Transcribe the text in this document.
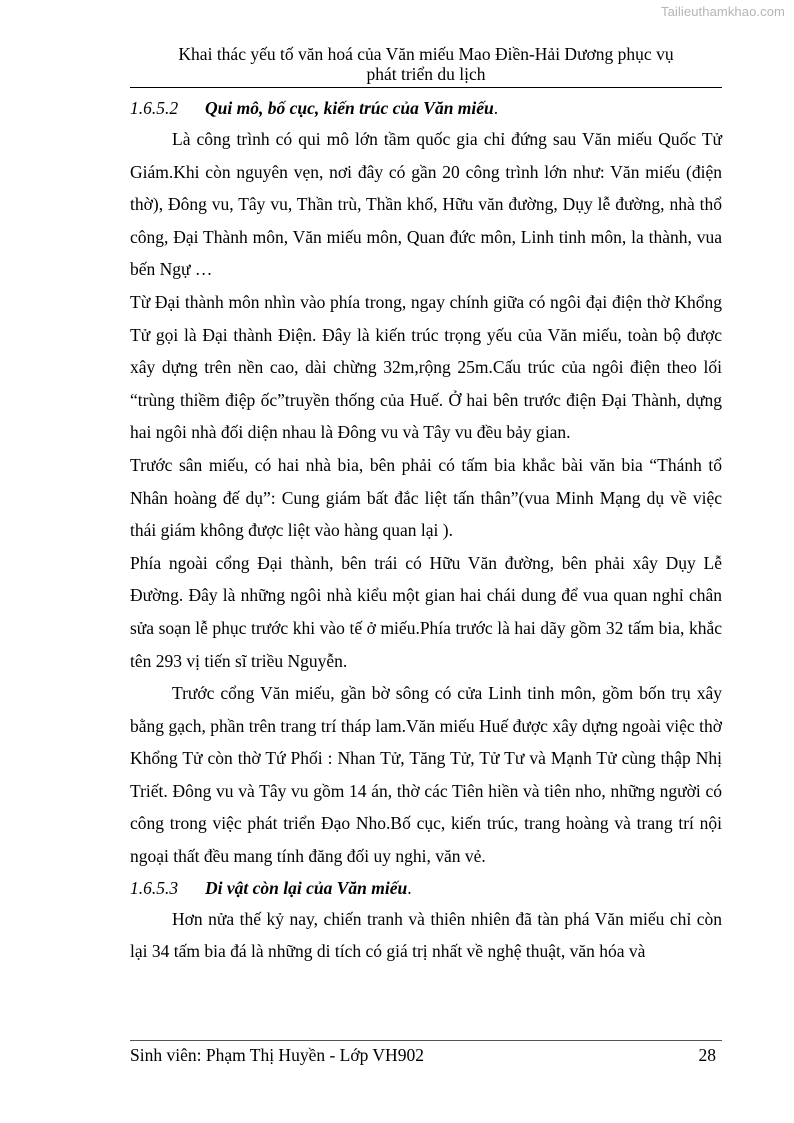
Tailieuthamkhao.com
Khai thác yếu tố văn hoá của Văn miếu Mao Điền-Hải Dương phục vụ
phát triển du lịch
1.6.5.2 Qui mô, bố cục, kiến trúc của Văn miếu.

Là công trình có qui mô lớn tầm quốc gia chỉ đứng sau Văn miếu Quốc Tử Giám.Khi còn nguyên vẹn, nơi đây có gần 20 công trình lớn như: Văn miếu (điện thờ), Đông vu, Tây vu, Thần trù, Thần khố, Hữu văn đường, Dụy lễ đường, nhà thổ công, Đại Thành môn, Văn miếu môn, Quan đức môn, Linh tinh môn, la thành, vua bến Ngự …

Từ Đại thành môn nhìn vào phía trong, ngay chính giữa có ngôi đại điện thờ Khổng Tử gọi là Đại thành Điện. Đây là kiến trúc trọng yếu của Văn miếu, toàn bộ được xây dựng trên nền cao, dài chừng 32m,rộng 25m.Cấu trúc của ngôi điện theo lối “trùng thiềm điệp ốc”truyền thống của Huế. Ở hai bên trước điện Đại Thành, dựng hai ngôi nhà đối diện nhau là Đông vu và Tây vu đều bảy gian.

Trước sân miếu, có hai nhà bia, bên phải có tấm bia khắc bài văn bia “Thánh tổ Nhân hoàng đế dụ”: Cung giám bất đắc liệt tấn thân”(vua Minh Mạng dụ về việc thái giám không được liệt vào hàng quan lại ).

Phía ngoài cổng Đại thành, bên trái có Hữu Văn đường, bên phải xây Dụy Lễ Đường. Đây là những ngôi nhà kiểu một gian hai chái dung để vua quan nghỉ chân sửa soạn lễ phục trước khi vào tế ở miếu.Phía trước là hai dãy gồm 32 tấm bia, khắc tên 293 vị tiến sĩ triều Nguyễn.

Trước cổng Văn miếu, gần bờ sông có cửa Linh tinh môn, gồm bốn trụ xây bằng gạch, phần trên trang trí tháp lam.Văn miếu Huế được xây dựng ngoài việc thờ Khổng Tử còn thờ Tứ Phối : Nhan Tử, Tăng Tử, Tử Tư và Mạnh Tử cùng thập Nhị Triết. Đông vu và Tây vu gồm 14 án, thờ các Tiên hiền và tiên nho, những người có công trong việc phát triển Đạo Nho.Bố cục, kiến trúc, trang hoàng và trang trí nội ngoại thất đều mang tính đăng đối uy nghi, văn vẻ.

1.6.5.3 Di vật còn lại của Văn miếu.

Hơn nửa thế kỷ nay, chiến tranh và thiên nhiên đã tàn phá Văn miếu chỉ còn lại 34 tấm bia đá là những di tích có giá trị nhất về nghệ thuật, văn hóa và

Sinh viên: Phạm Thị Huyền - Lớp VH902	28
